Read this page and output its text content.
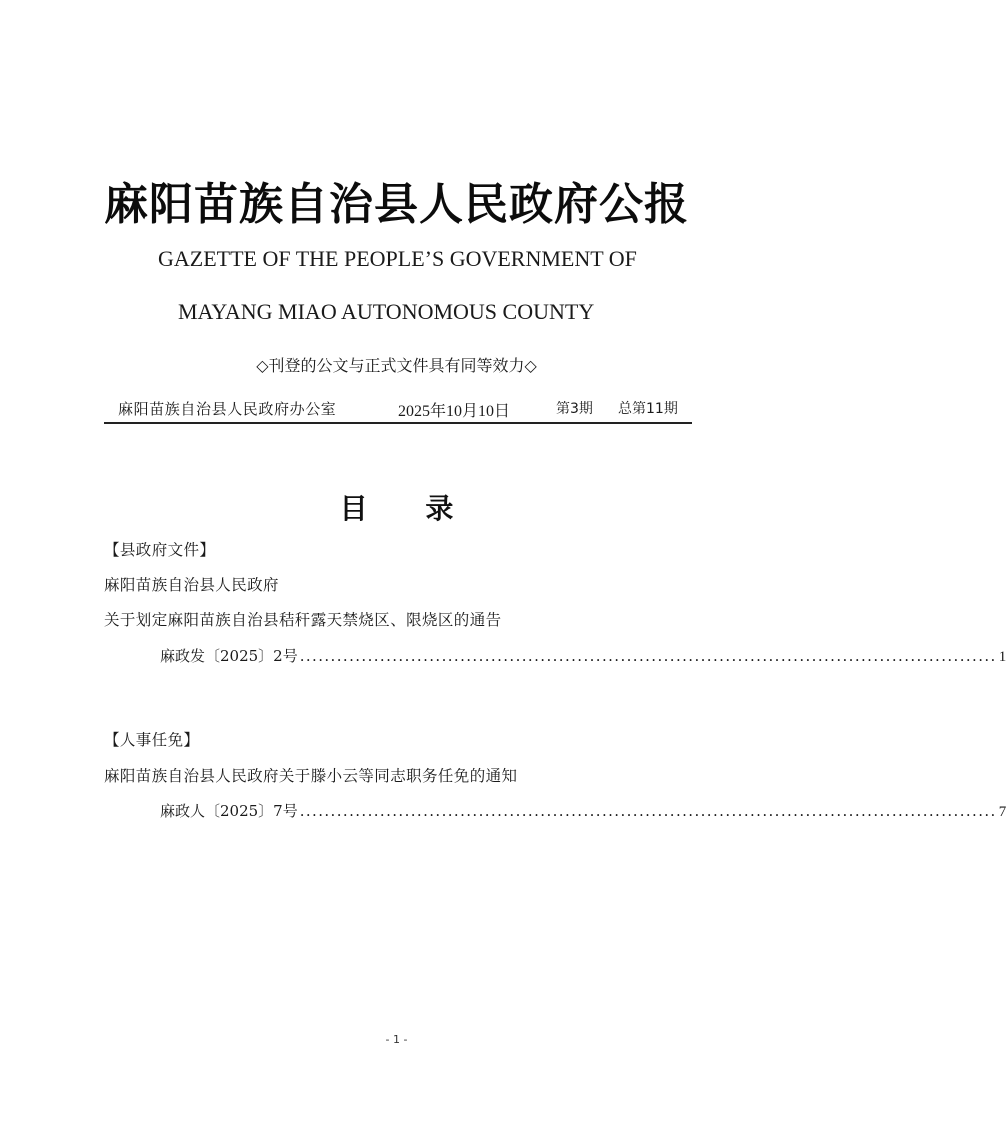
麻阳苗族自治县人民政府公报
GAZETTE OF THE PEOPLE’S GOVERNMENT OF
MAYANG MIAO AUTONOMOUS COUNTY
◇刊登的公文与正式文件具有同等效力◇
麻阳苗族自治县人民政府办公室	2025年10月10日	第3期 总第11期
目 录
【县政府文件】
麻阳苗族自治县人民政府
关于划定麻阳苗族自治县秸秆露天禁烧区、限烧区的通告
麻政发〔2025〕2号 ................................................................................................................. 1
【人事任免】
麻阳苗族自治县人民政府关于滕小云等同志职务任免的通知
麻政人〔2025〕7号 ................................................................................................................. 7
- 1 -
